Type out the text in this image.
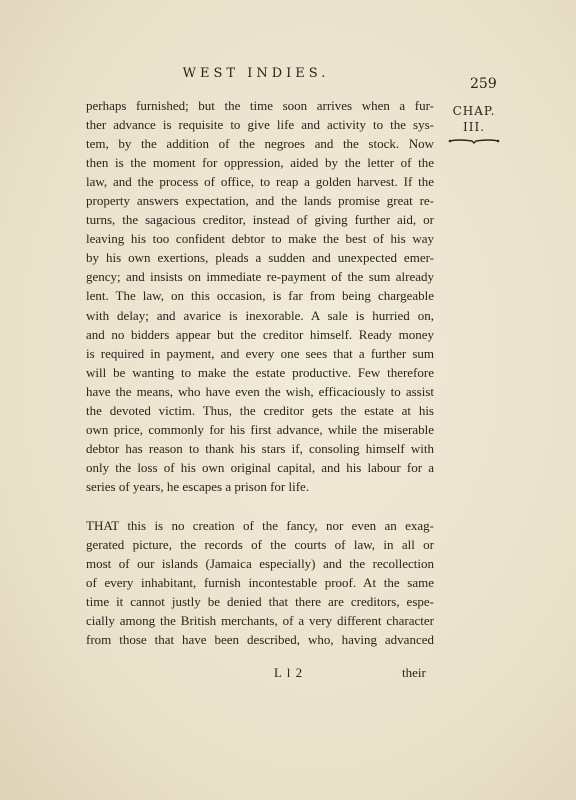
WEST INDIES.
259
CHAP.
III.

perhaps furnished; but the time soon arrives when a fur-
ther advance is requisite to give life and activity to the sys-
tem, by the addition of the negroes and the stock. Now
then is the moment for oppression, aided by the letter of the
law, and the process of office, to reap a golden harvest. If the
property answers expectation, and the lands promise great re-
turns, the sagacious creditor, instead of giving further aid, or
leaving his too confident debtor to make the best of his way
by his own exertions, pleads a sudden and unexpected emer-
gency; and insists on immediate re-payment of the sum already
lent. The law, on this occasion, is far from being chargeable
with delay; and avarice is inexorable. A sale is hurried on,
and no bidders appear but the creditor himself. Ready money
is required in payment, and every one sees that a further sum
will be wanting to make the estate productive. Few therefore
have the means, who have even the wish, efficaciously to assist
the devoted victim. Thus, the creditor gets the estate at his
own price, commonly for his first advance, while the miserable
debtor has reason to thank his stars if, consoling himself with
only the loss of his own original capital, and his labour for a
series of years, he escapes a prison for life.

THAT this is no creation of the fancy, nor even an exag-
gerated picture, the records of the courts of law, in all or
most of our islands (Jamaica especially) and the recollection
of every inhabitant, furnish incontestable proof. At the same
time it cannot justly be denied that there are creditors, espe-
cially among the British merchants, of a very different character
from those that have been described, who, having advanced

L l 2	their
